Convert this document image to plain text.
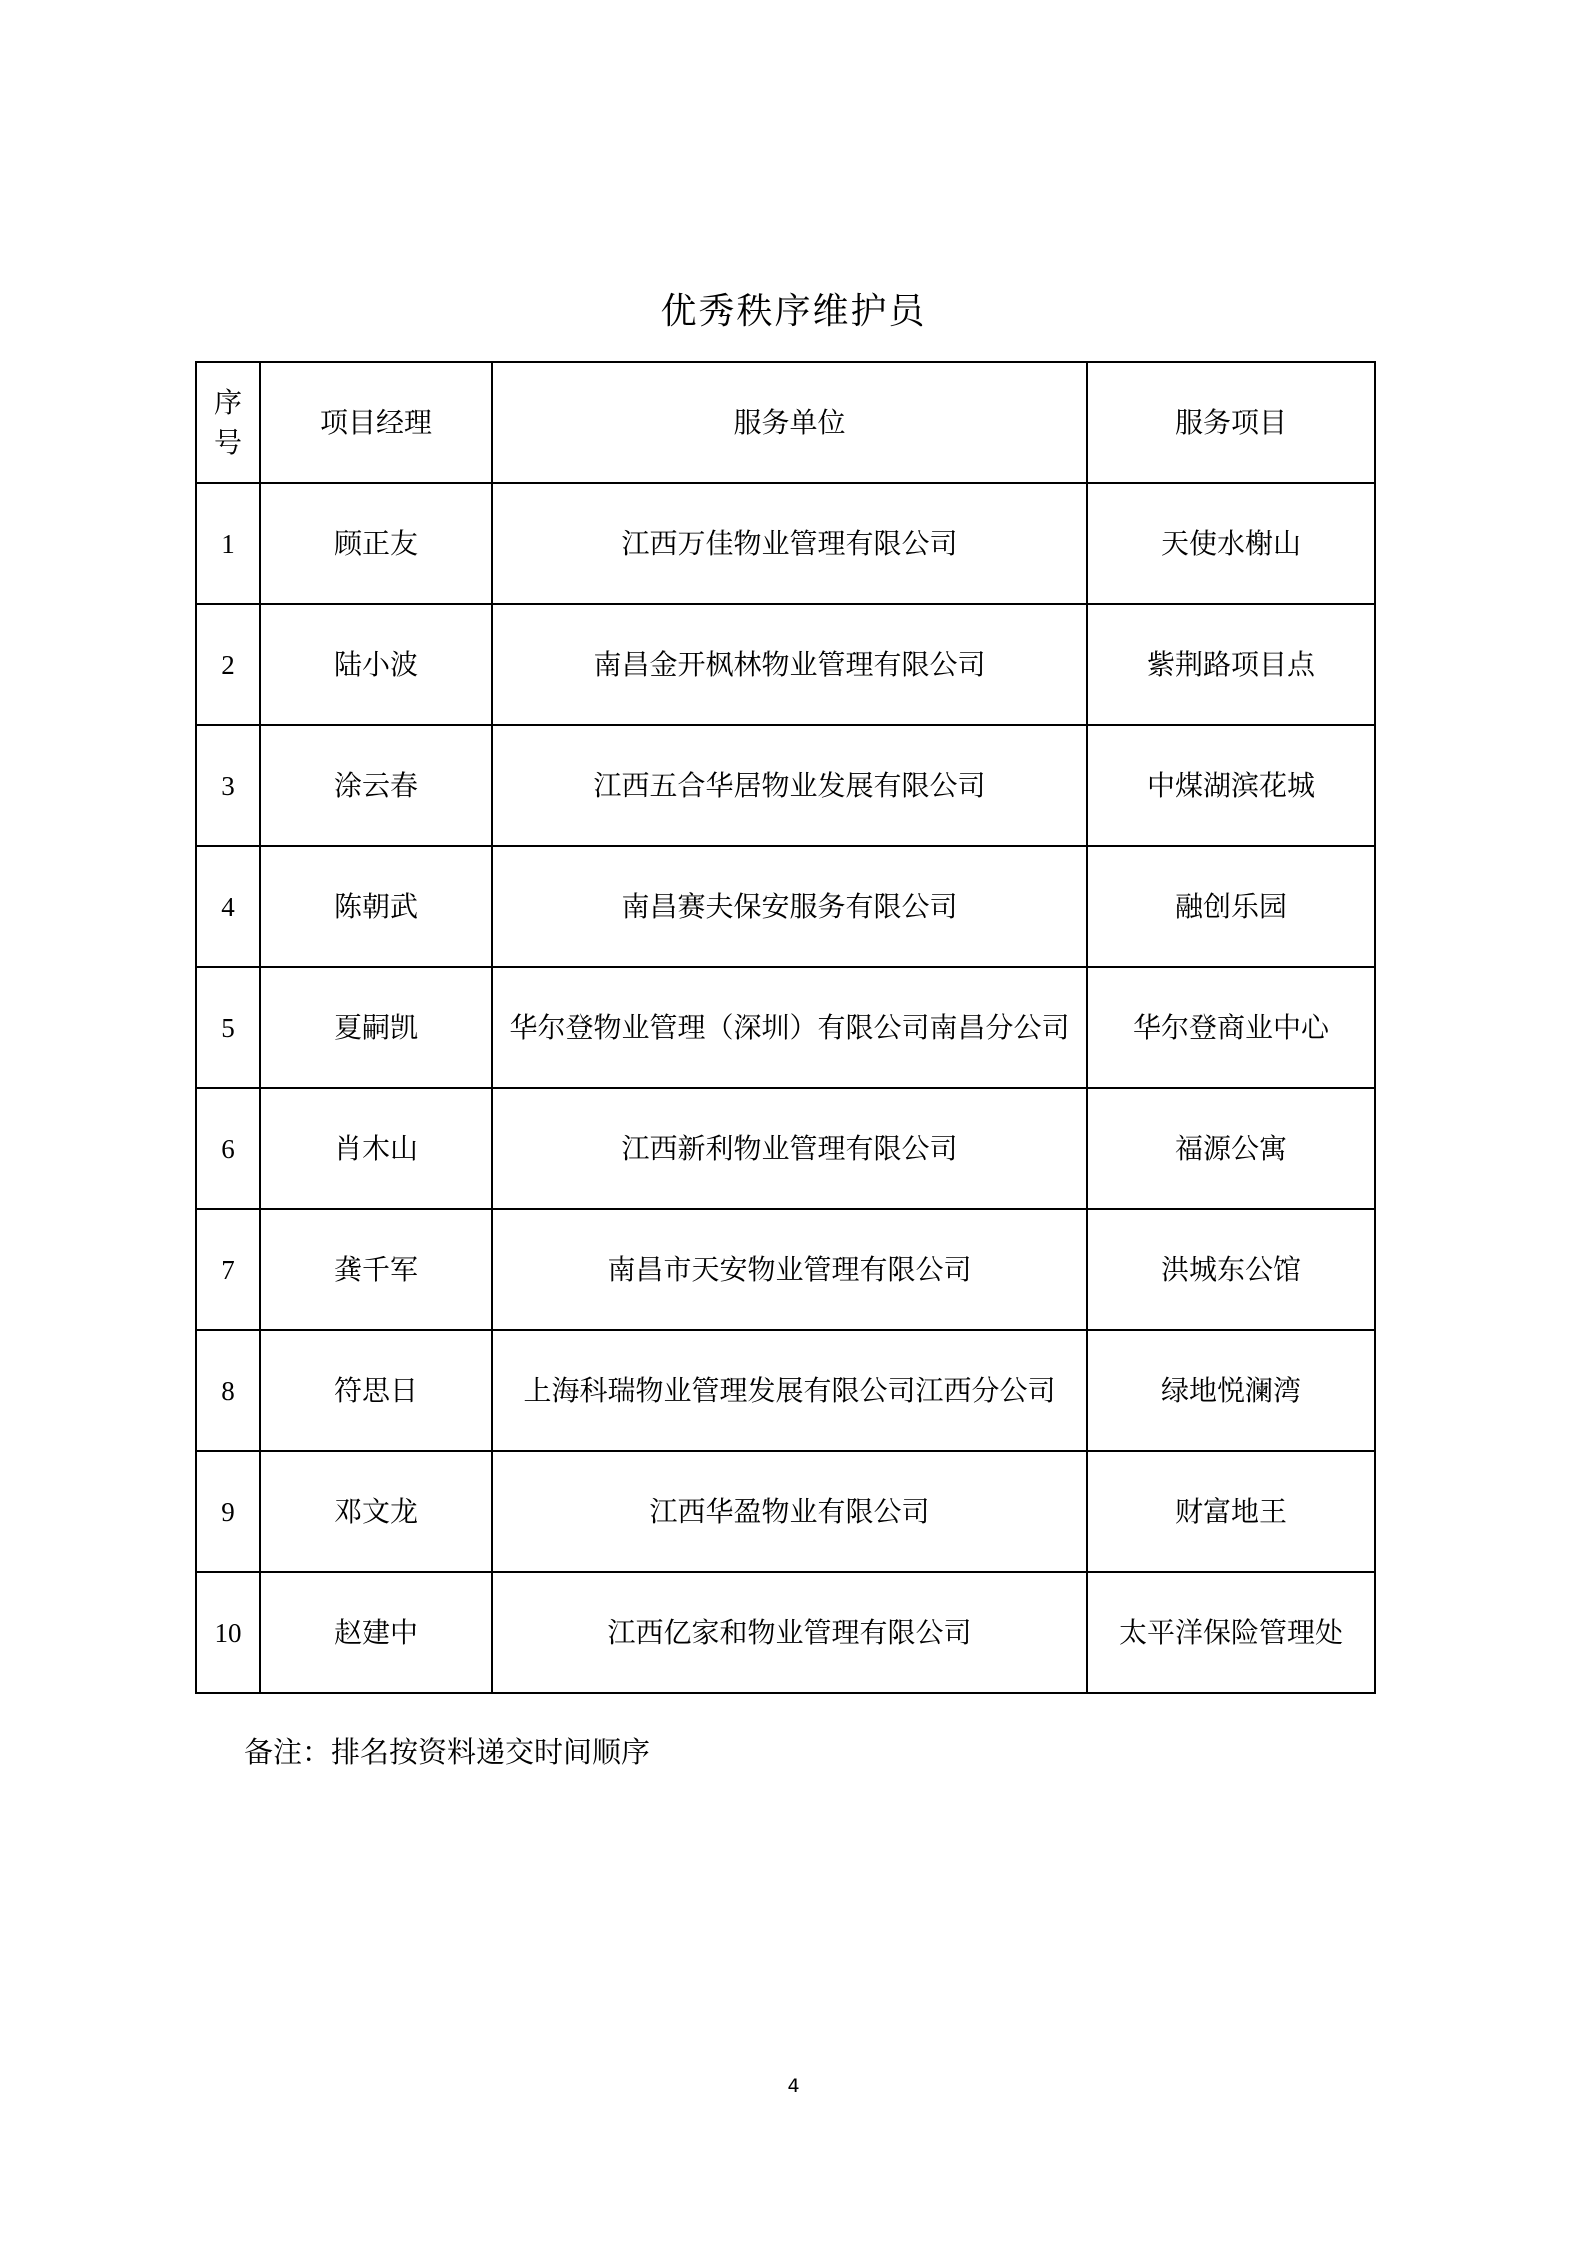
优秀秩序维护员
序号	项目经理	服务单位	服务项目
1	顾正友	江西万佳物业管理有限公司	天使水榭山
2	陆小波	南昌金开枫林物业管理有限公司	紫荆路项目点
3	涂云春	江西五合华居物业发展有限公司	中煤湖滨花城
4	陈朝武	南昌赛夫保安服务有限公司	融创乐园
5	夏嗣凯	华尔登物业管理（深圳）有限公司南昌分公司	华尔登商业中心
6	肖木山	江西新利物业管理有限公司	福源公寓
7	龚千军	南昌市天安物业管理有限公司	洪城东公馆
8	符思日	上海科瑞物业管理发展有限公司江西分公司	绿地悦澜湾
9	邓文龙	江西华盈物业有限公司	财富地王
10	赵建中	江西亿家和物业管理有限公司	太平洋保险管理处
备注：排名按资料递交时间顺序
4
